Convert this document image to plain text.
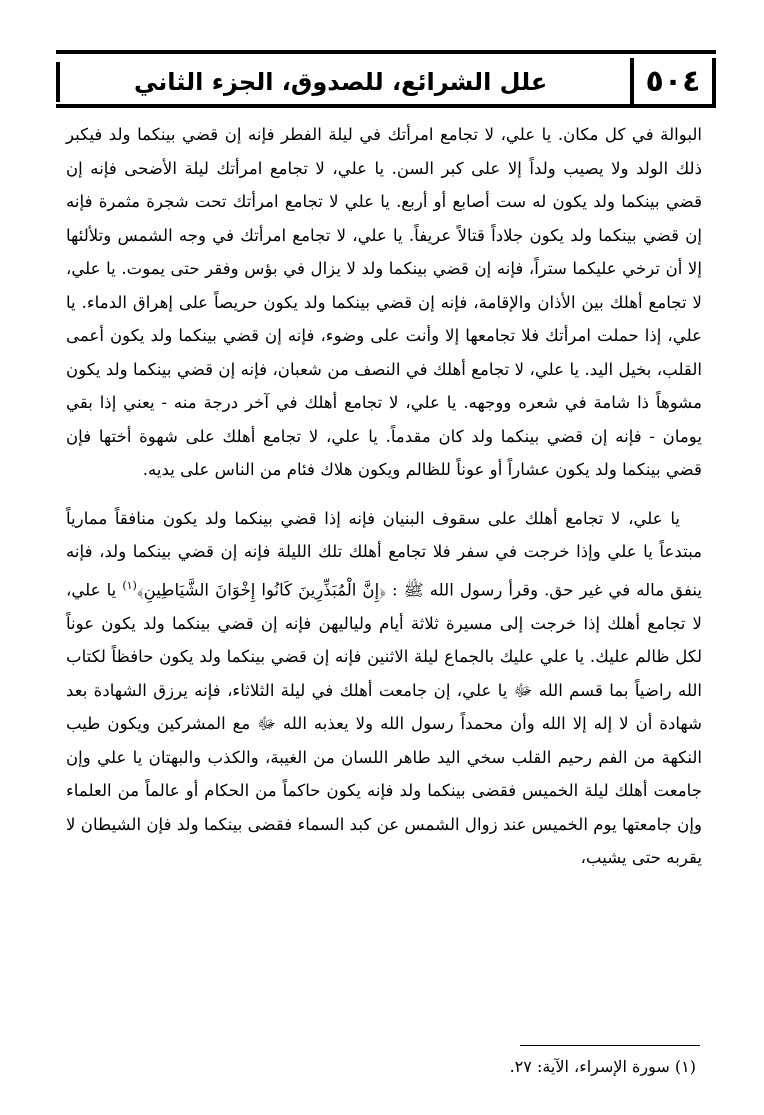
٥٠٤
علل الشرائع، للصدوق، الجزء الثاني

البوالة في كل مكان. يا علي، لا تجامع امرأتك في ليلة الفطر فإنه إن قضي بينكما ولد فيكبر ذلك الولد ولا يصيب ولداً إلا على كبر السن. يا علي، لا تجامع امرأتك ليلة الأضحى فإنه إن قضي بينكما ولد يكون له ست أصابع أو أربع. يا علي لا تجامع امرأتك تحت شجرة مثمرة فإنه إن قضي بينكما ولد يكون جلاداً قتالاً عريفاً. يا علي، لا تجامع امرأتك في وجه الشمس وتلألئها إلا أن ترخي عليكما ستراً، فإنه إن قضي بينكما ولد لا يزال في بؤس وفقر حتى يموت. يا علي، لا تجامع أهلك بين الأذان والإقامة، فإنه إن قضي بينكما ولد يكون حريصاً على إهراق الدماء. يا علي، إذا حملت امرأتك فلا تجامعها إلا وأنت على وضوء، فإنه إن قضي بينكما ولد يكون أعمى القلب، بخيل اليد. يا علي، لا تجامع أهلك في النصف من شعبان، فإنه إن قضي بينكما ولد يكون مشوهاً ذا شامة في شعره ووجهه. يا علي، لا تجامع أهلك في آخر درجة منه - يعني إذا بقي يومان - فإنه إن قضي بينكما ولد كان مقدماً. يا علي، لا تجامع أهلك على شهوة أختها فإن قضي بينكما ولد يكون عشاراً أو عوناً للظالم ويكون هلاك فئام من الناس على يديه.

يا علي، لا تجامع أهلك على سقوف البنيان فإنه إذا قضي بينكما ولد يكون منافقاً ممارياً مبتدعاً يا علي وإذا خرجت في سفر فلا تجامع أهلك تلك الليلة فإنه إن قضي بينكما ولد، فإنه ينفق ماله في غير حق. وقرأ رسول الله ﷺ : ﴿إِنَّ الْمُبَذِّرِينَ كَانُوا إِخْوَانَ الشَّيَاطِينِ﴾$^{(١)}$ يا علي، لا تجامع أهلك إذا خرجت إلى مسيرة ثلاثة أيام ولياليهن فإنه إن قضي بينكما ولد يكون عوناً لكل ظالم عليك. يا علي عليك بالجماع ليلة الاثنين فإنه إن قضي بينكما ولد يكون حافظاً لكتاب الله راضياً بما قسم الله ﷻ يا علي، إن جامعت أهلك في ليلة الثلاثاء، فإنه يرزق الشهادة بعد شهادة أن لا إله إلا الله وأن محمداً رسول الله ولا يعذبه الله ﷻ مع المشركين ويكون طيب النكهة من الفم رحيم القلب سخي اليد طاهر اللسان من الغيبة، والكذب والبهتان يا علي وإن جامعت أهلك ليلة الخميس فقضى بينكما ولد فإنه يكون حاكماً من الحكام أو عالماً من العلماء وإن جامعتها يوم الخميس عند زوال الشمس عن كبد السماء فقضى بينكما ولد فإن الشيطان لا يقربه حتى يشيب،

(١) سورة الإسراء، الآية: ٢٧.
